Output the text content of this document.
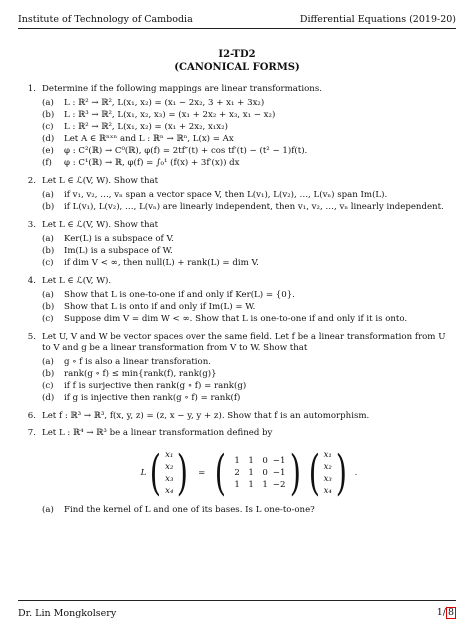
Institute of Technology of Cambodia	Differential Equations (2019-20)
I2-TD2
(CANONICAL FORMS)
1. Determine if the following mappings are linear transformations.
(a)	L : ℝ² → ℝ², L(x₁, x₂) = (x₁ − 2x₂, 3 + x₁ + 3x₂)
(b)	L : ℝ³ → ℝ², L(x₁, x₂, x₃) = (x₁ + 2x₂ + x₃, x₁ − x₂)
(c)	L : ℝ² → ℝ², L(x₁, x₂) = (x₁ + 2x₂, x₁x₂)
(d)	Let A ∈ ℝⁿˣⁿ and L : ℝⁿ → ℝⁿ, L(x) = Ax
(e)	φ : C²(ℝ) → C⁰(ℝ), φ(f) = 2tf″(t) + cos tf′(t) − (t² − 1)f(t).
(f)	φ : C¹(ℝ) → ℝ, φ(f) = ∫₀¹ (f(x) + 3f′(x)) dx
2. Let L ∈ ℒ(V, W). Show that
(a)	if v₁, v₂, …, vₙ span a vector space V, then L(v₁), L(v₂), …, L(vₙ) span Im(L).
(b)	if L(v₁), L(v₂), …, L(vₙ) are linearly independent, then v₁, v₂, …, vₙ linearly independent.
3. Let L ∈ ℒ(V, W). Show that
(a)	Ker(L) is a subspace of V.
(b)	Im(L) is a subspace of W.
(c)	if dim V < ∞, then null(L) + rank(L) = dim V.
4. Let L ∈ ℒ(V, W).
(a)	Show that L is one-to-one if and only if Ker(L) = {0}.
(b)	Show that L is onto if and only if Im(L) = W.
(c)	Suppose dim V = dim W < ∞. Show that L is one-to-one if and only if it is onto.
5. Let U, V and W be vector spaces over the same field. Let f be a linear transformation from U to V and g be a linear transformation from V to W. Show that
(a)	g ∘ f is also a linear transforation.
(b)	rank(g ∘ f) ≤ min{rank(f), rank(g)}
(c)	if f is surjective then rank(g ∘ f) = rank(g)
(d)	if g is injective then rank(g ∘ f) = rank(f)
6. Let f : ℝ³ → ℝ³, f(x, y, z) = (z, x − y, y + z). Show that f is an automorphism.
7. Let L : ℝ⁴ → ℝ³ be a linear transformation defined by
L ( x₁
x₂
x₃
x₄ ) = ( 1 1 0 −1
2 1 0 −1
1 1 1 −2 ) ( x₁
x₂
x₃
x₄ ) .
(a)	Find the kernel of L and one of its bases. Is L one-to-one?
Dr. Lin Mongkolsery	1/ 8
